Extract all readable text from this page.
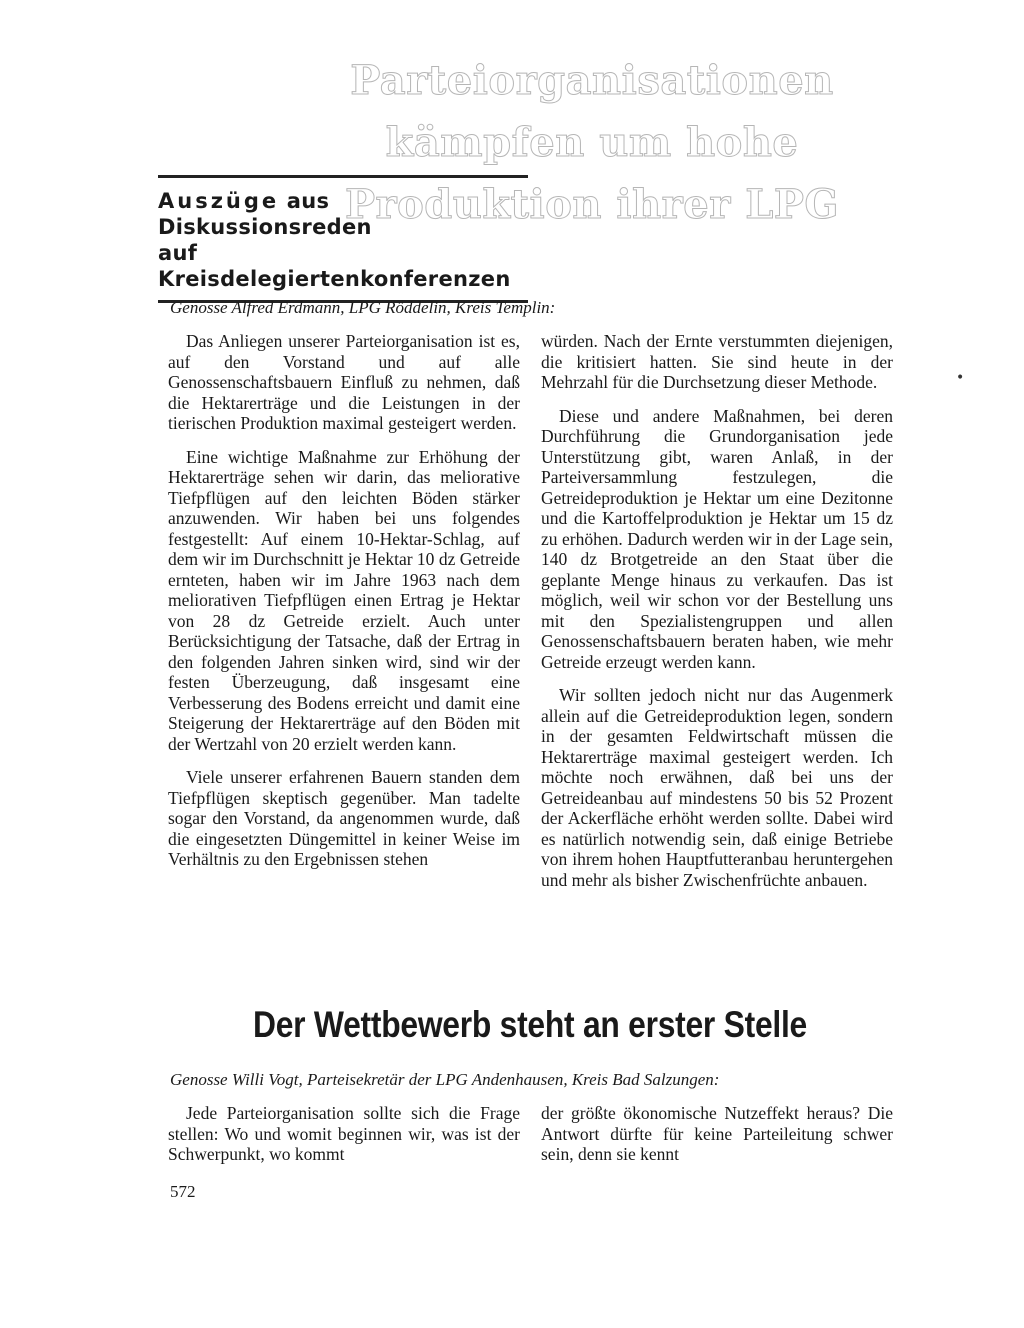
Parteiorganisationen kämpfen um hohe Produktion ihrer LPG
Auszüge aus Diskussionsreden
auf Kreisdelegiertenkonferenzen
Genosse Alfred Erdmann, LPG Röddelin, Kreis Templin:

Das Anliegen unserer Parteiorganisation ist es, auf den Vorstand und auf alle Genossenschaftsbauern Einfluß zu nehmen, daß die Hektarerträge und die Leistungen in der tierischen Produktion maximal gesteigert werden.

Eine wichtige Maßnahme zur Erhöhung der Hektarerträge sehen wir darin, das meliorative Tiefpflügen auf den leichten Böden stärker anzuwenden. Wir haben bei uns folgendes festgestellt: Auf einem 10-Hektar-Schlag, auf dem wir im Durchschnitt je Hektar 10 dz Getreide ernteten, haben wir im Jahre 1963 nach dem meliorativen Tiefpflügen einen Ertrag je Hektar von 28 dz Getreide erzielt. Auch unter Berücksichtigung der Tatsache, daß der Ertrag in den folgenden Jahren sinken wird, sind wir der festen Überzeugung, daß insgesamt eine Verbesserung des Bodens erreicht und damit eine Steigerung der Hektarerträge auf den Böden mit der Wertzahl von 20 erzielt werden kann.

Viele unserer erfahrenen Bauern standen dem Tiefpflügen skeptisch gegenüber. Man tadelte sogar den Vorstand, da angenommen wurde, daß die eingesetzten Düngemittel in keiner Weise im Verhältnis zu den Ergebnissen stehen

würden. Nach der Ernte verstummten diejenigen, die kritisiert hatten. Sie sind heute in der Mehrzahl für die Durchsetzung dieser Methode.

Diese und andere Maßnahmen, bei deren Durchführung die Grundorganisation jede Unterstützung gibt, waren Anlaß, in der Parteiversammlung festzulegen, die Getreideproduktion je Hektar um eine Dezitonne und die Kartoffelproduktion je Hektar um 15 dz zu erhöhen. Dadurch werden wir in der Lage sein, 140 dz Brotgetreide an den Staat über die geplante Menge hinaus zu verkaufen. Das ist möglich, weil wir schon vor der Bestellung uns mit den Spezialistengruppen und allen Genossenschaftsbauern beraten haben, wie mehr Getreide erzeugt werden kann.

Wir sollten jedoch nicht nur das Augenmerk allein auf die Getreideproduktion legen, sondern in der gesamten Feldwirtschaft müssen die Hektarerträge maximal gesteigert werden. Ich möchte noch erwähnen, daß bei uns der Getreideanbau auf mindestens 50 bis 52 Prozent der Ackerfläche erhöht werden sollte. Dabei wird es natürlich notwendig sein, daß einige Betriebe von ihrem hohen Hauptfutteranbau heruntergehen und mehr als bisher Zwischenfrüchte anbauen.

•
Der Wettbewerb steht an erster Stelle
Genosse Willi Vogt, Parteisekretär der LPG Andenhausen, Kreis Bad Salzungen:

Jede Parteiorganisation sollte sich die Frage stellen: Wo und womit beginnen wir, was ist der Schwerpunkt, wo kommt

der größte ökonomische Nutzeffekt heraus? Die Antwort dürfte für keine Parteileitung schwer sein, denn sie kennt

572
